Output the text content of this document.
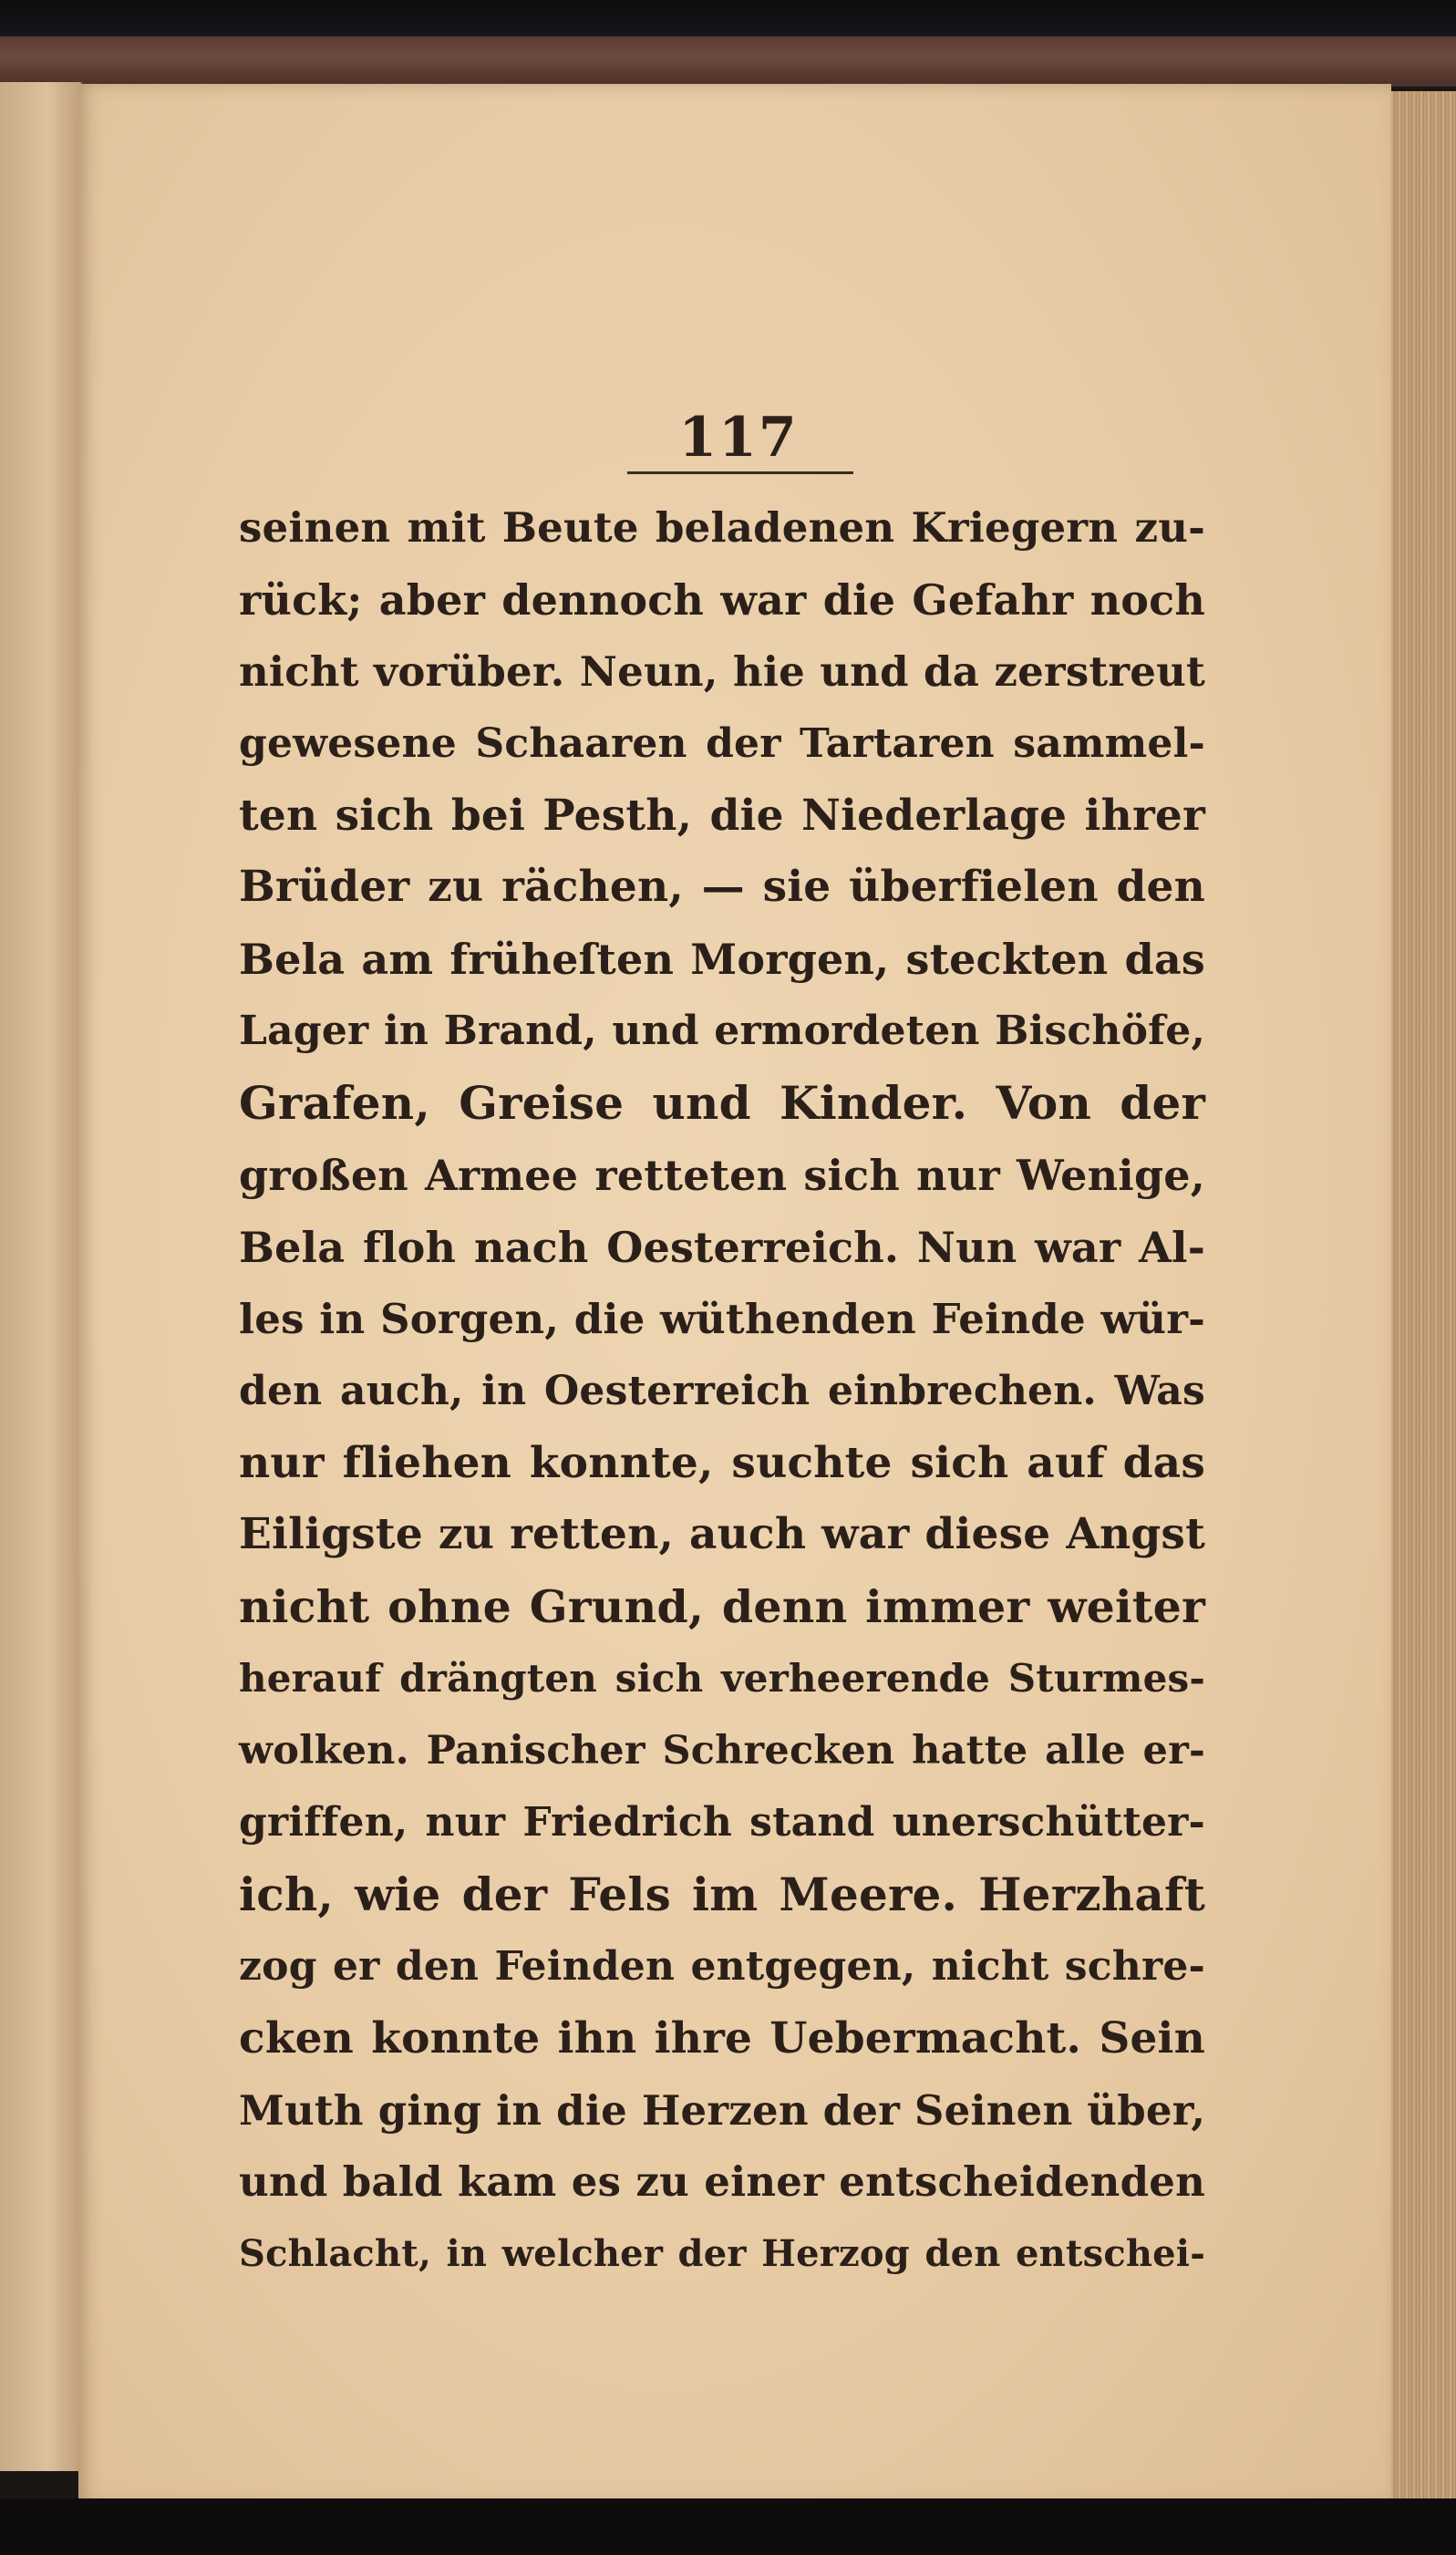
117
seinen mit Beute beladenen Kriegern zu-
rück; aber dennoch war die Gefahr noch
nicht vorüber. Neun, hie und da zerstreut
gewesene Schaaren der Tartaren sammel-
ten sich bei Pesth, die Niederlage ihrer
Brüder zu rächen, — sie überfielen den
Bela am früheſten Morgen, steckten das
Lager in Brand, und ermordeten Bischöfe,
Grafen, Greise und Kinder. Von der
großen Armee retteten sich nur Wenige,
Bela floh nach Oesterreich. Nun war Al-
les in Sorgen, die wüthenden Feinde wür-
den auch, in Oesterreich einbrechen. Was
nur fliehen konnte, suchte sich auf das
Eiligste zu retten, auch war diese Angst
nicht ohne Grund, denn immer weiter
herauf drängten sich verheerende Sturmes-
wolken. Panischer Schrecken hatte alle er-
griffen, nur Friedrich stand unerschütter-
ich, wie der Fels im Meere. Herzhaft
zog er den Feinden entgegen, nicht schre-
cken konnte ihn ihre Uebermacht. Sein
Muth ging in die Herzen der Seinen über,
und bald kam es zu einer entscheidenden
Schlacht, in welcher der Herzog den entschei-
